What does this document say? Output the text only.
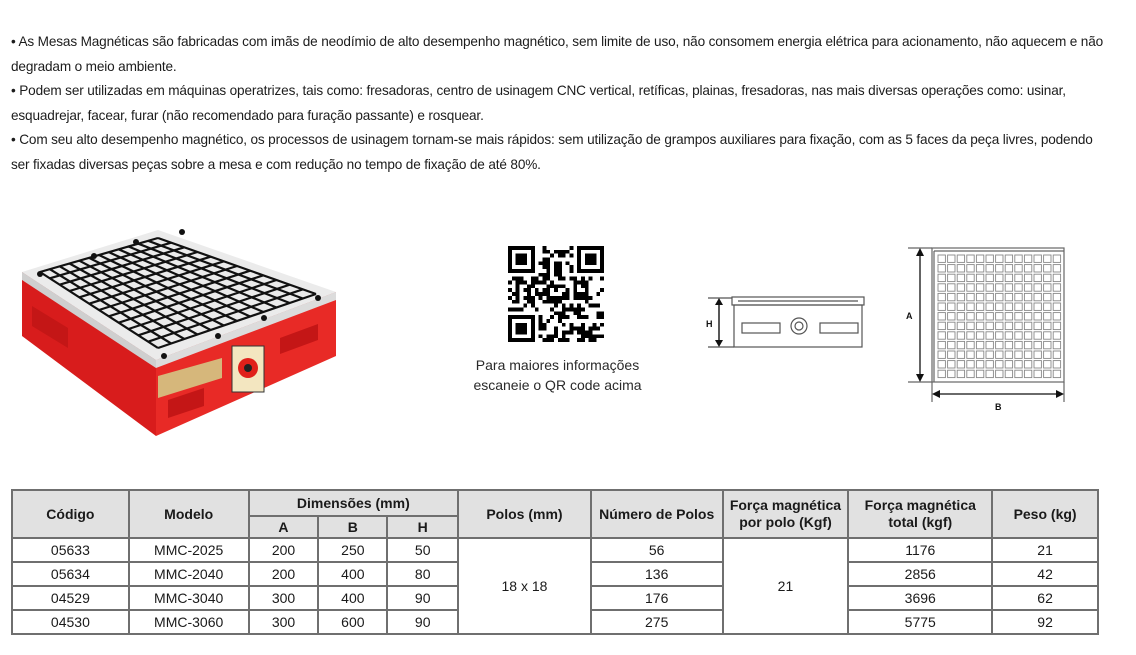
• As Mesas Magnéticas são fabricadas com imãs de neodímio de alto desempenho magnético, sem limite de uso, não consomem energia elétrica para acionamento, não aquecem e não degradam o meio ambiente.

• Podem ser utilizadas em máquinas operatrizes, tais como: fresadoras, centro de usinagem CNC vertical, retíficas, plainas, fresadoras, nas mais diversas operações como: usinar, esquadrejar, facear, furar (não recomendado para furação passante) e rosquear.

• Com seu alto desempenho magnético, os processos de usinagem tornam-se mais rápidos: sem utilização de grampos auxiliares para fixação, com as 5 faces da peça livres, podendo ser fixadas diversas peças sobre a mesa e com redução no tempo de fixação de até 80%.

Para maiores informações
escaneie o QR code acima
H
A
B
Código	Modelo	Dimensões (mm)			Polos (mm)	Número de Polos	Força magnética por polo (Kgf)	Força magnética total (kgf)	Peso (kg)
		A	B	H					
05633	MMC-2025	200	250	50	18 x 18	56	21	1176	21
05634	MMC-2040	200	400	80		136		2856	42
04529	MMC-3040	300	400	90		176		3696	62
04530	MMC-3060	300	600	90		275		5775	92
